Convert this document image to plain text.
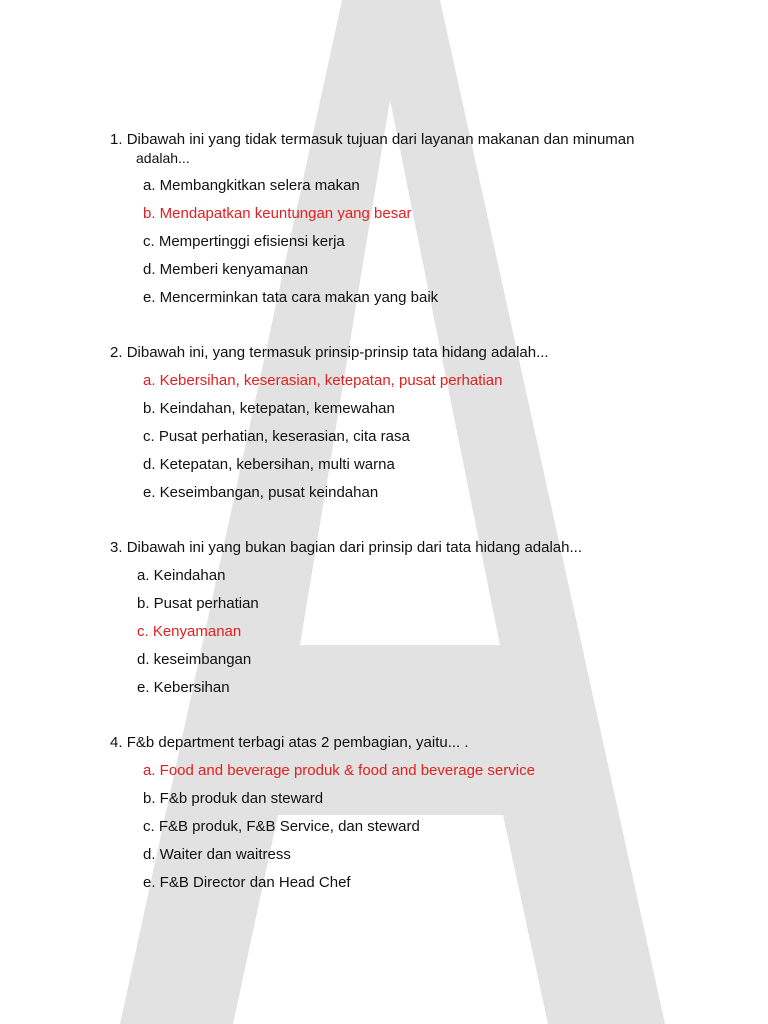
1. Dibawah ini yang tidak termasuk tujuan dari layanan makanan dan minuman
adalah...
a. Membangkitkan selera makan
b. Mendapatkan keuntungan yang besar
c. Mempertinggi efisiensi kerja
d. Memberi kenyamanan
e. Mencerminkan tata cara makan yang baik
2. Dibawah ini, yang termasuk prinsip-prinsip tata hidang adalah...
a. Kebersihan, keserasian, ketepatan, pusat perhatian
b. Keindahan, ketepatan, kemewahan
c. Pusat perhatian, keserasian, cita rasa
d. Ketepatan, kebersihan, multi warna
e. Keseimbangan, pusat keindahan
3. Dibawah ini yang bukan bagian dari prinsip dari tata hidang adalah...
a. Keindahan
b. Pusat perhatian
c. Kenyamanan
d. keseimbangan
e. Kebersihan
4. F&b department terbagi atas 2 pembagian, yaitu... .
a. Food and beverage produk & food and beverage service
b. F&b produk dan steward
c. F&B produk, F&B Service, dan steward
d. Waiter dan waitress
e. F&B Director dan Head Chef
